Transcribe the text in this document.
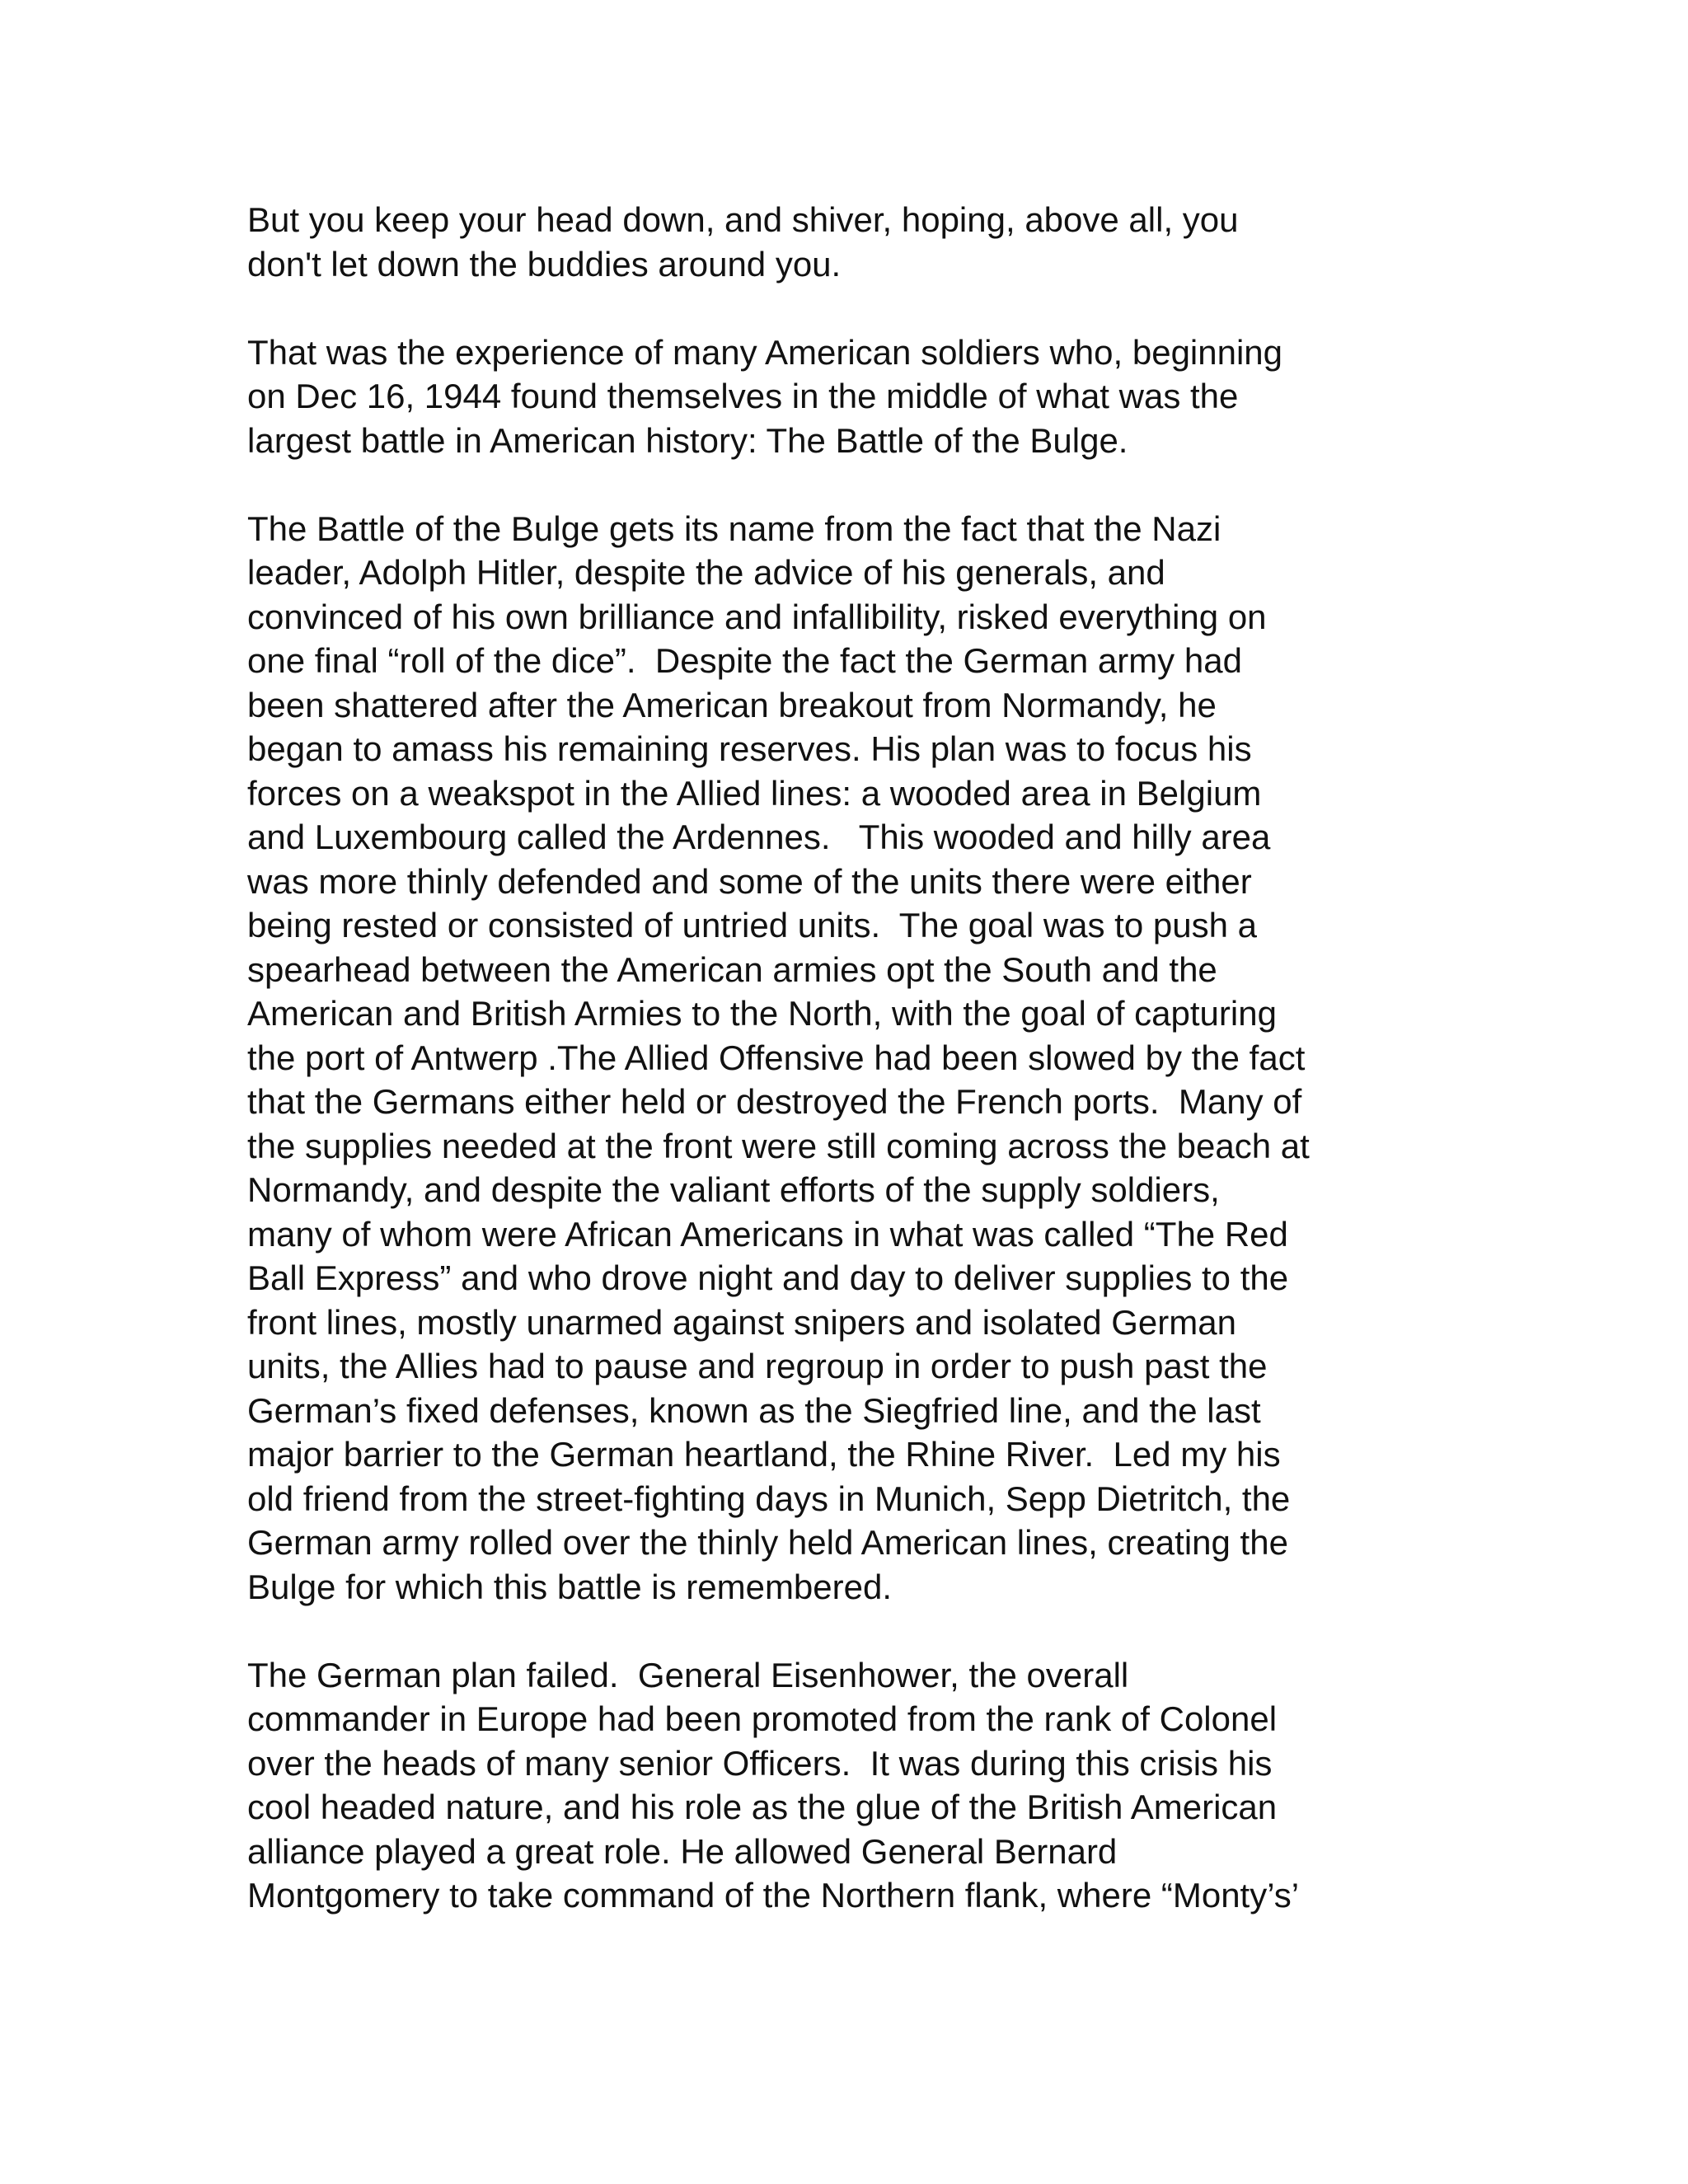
But you keep your head down, and shiver, hoping, above all, you
don't let down the buddies around you.
That was the experience of many American soldiers who, beginning
on Dec 16, 1944 found themselves in the middle of what was the
largest battle in American history: The Battle of the Bulge.
The Battle of the Bulge gets its name from the fact that the Nazi
leader, Adolph Hitler, despite the advice of his generals, and
convinced of his own brilliance and infallibility, risked everything on
one final “roll of the dice”.  Despite the fact the German army had
been shattered after the American breakout from Normandy, he
began to amass his remaining reserves. His plan was to focus his
forces on a weakspot in the Allied lines: a wooded area in Belgium
and Luxembourg called the Ardennes.   This wooded and hilly area
was more thinly defended and some of the units there were either
being rested or consisted of untried units.  The goal was to push a
spearhead between the American armies opt the South and the
American and British Armies to the North, with the goal of capturing
the port of Antwerp .The Allied Offensive had been slowed by the fact
that the Germans either held or destroyed the French ports.  Many of
the supplies needed at the front were still coming across the beach at
Normandy, and despite the valiant efforts of the supply soldiers,
many of whom were African Americans in what was called “The Red
Ball Express” and who drove night and day to deliver supplies to the
front lines, mostly unarmed against snipers and isolated German
units, the Allies had to pause and regroup in order to push past the
German’s fixed defenses, known as the Siegfried line, and the last
major barrier to the German heartland, the Rhine River.  Led my his
old friend from the street-fighting days in Munich, Sepp Dietritch, the
German army rolled over the thinly held American lines, creating the
Bulge for which this battle is remembered.
The German plan failed.  General Eisenhower, the overall
commander in Europe had been promoted from the rank of Colonel
over the heads of many senior Officers.  It was during this crisis his
cool headed nature, and his role as the glue of the British American
alliance played a great role. He allowed General Bernard
Montgomery to take command of the Northern flank, where “Monty’s’
